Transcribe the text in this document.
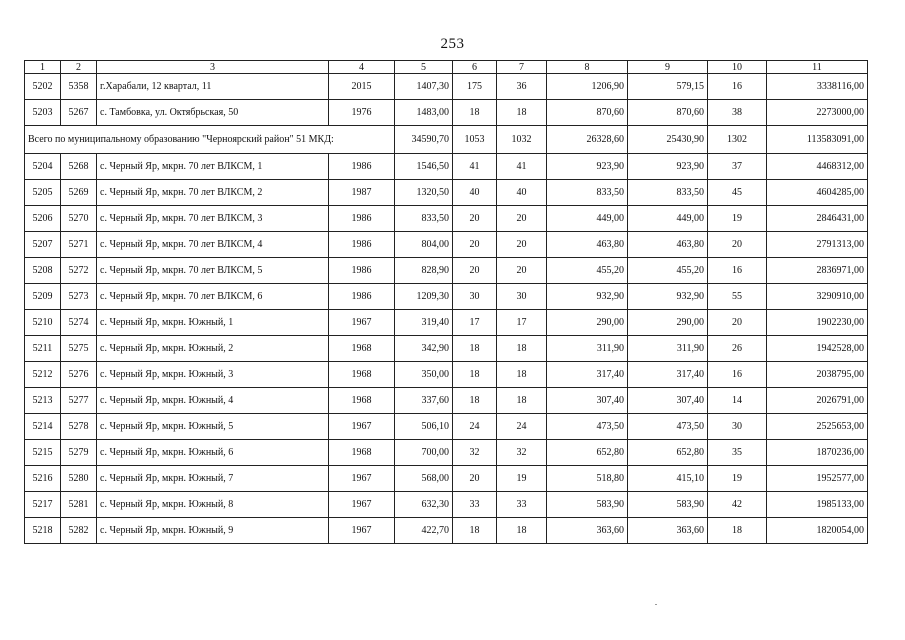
253
1	2	3	4	5	6	7	8	9	10	11
5202	5358	г.Харабали, 12 квартал, 11	2015	1407,30	175	36	1206,90	579,15	16	3338116,00
5203	5267	с. Тамбовка, ул. Октябрьская, 50	1976	1483,00	18	18	870,60	870,60	38	2273000,00
Всего по муниципальному образованию "Черноярский район" 51 МКД:				34590,70	1053	1032	26328,60	25430,90	1302	113583091,00
5204	5268	с. Черный Яр, мкрн. 70 лет ВЛКСМ, 1	1986	1546,50	41	41	923,90	923,90	37	4468312,00
5205	5269	с. Черный Яр, мкрн. 70 лет ВЛКСМ, 2	1987	1320,50	40	40	833,50	833,50	45	4604285,00
5206	5270	с. Черный Яр, мкрн. 70 лет ВЛКСМ, 3	1986	833,50	20	20	449,00	449,00	19	2846431,00
5207	5271	с. Черный Яр, мкрн. 70 лет ВЛКСМ, 4	1986	804,00	20	20	463,80	463,80	20	2791313,00
5208	5272	с. Черный Яр, мкрн. 70 лет ВЛКСМ, 5	1986	828,90	20	20	455,20	455,20	16	2836971,00
5209	5273	с. Черный Яр, мкрн. 70 лет ВЛКСМ, 6	1986	1209,30	30	30	932,90	932,90	55	3290910,00
5210	5274	с. Черный Яр, мкрн. Южный, 1	1967	319,40	17	17	290,00	290,00	20	1902230,00
5211	5275	с. Черный Яр, мкрн. Южный, 2	1968	342,90	18	18	311,90	311,90	26	1942528,00
5212	5276	с. Черный Яр, мкрн. Южный, 3	1968	350,00	18	18	317,40	317,40	16	2038795,00
5213	5277	с. Черный Яр, мкрн. Южный, 4	1968	337,60	18	18	307,40	307,40	14	2026791,00
5214	5278	с. Черный Яр, мкрн. Южный, 5	1967	506,10	24	24	473,50	473,50	30	2525653,00
5215	5279	с. Черный Яр, мкрн. Южный, 6	1968	700,00	32	32	652,80	652,80	35	1870236,00
5216	5280	с. Черный Яр, мкрн. Южный, 7	1967	568,00	20	19	518,80	415,10	19	1952577,00
5217	5281	с. Черный Яр, мкрн. Южный, 8	1967	632,30	33	33	583,90	583,90	42	1985133,00
5218	5282	с. Черный Яр, мкрн. Южный, 9	1967	422,70	18	18	363,60	363,60	18	1820054,00
